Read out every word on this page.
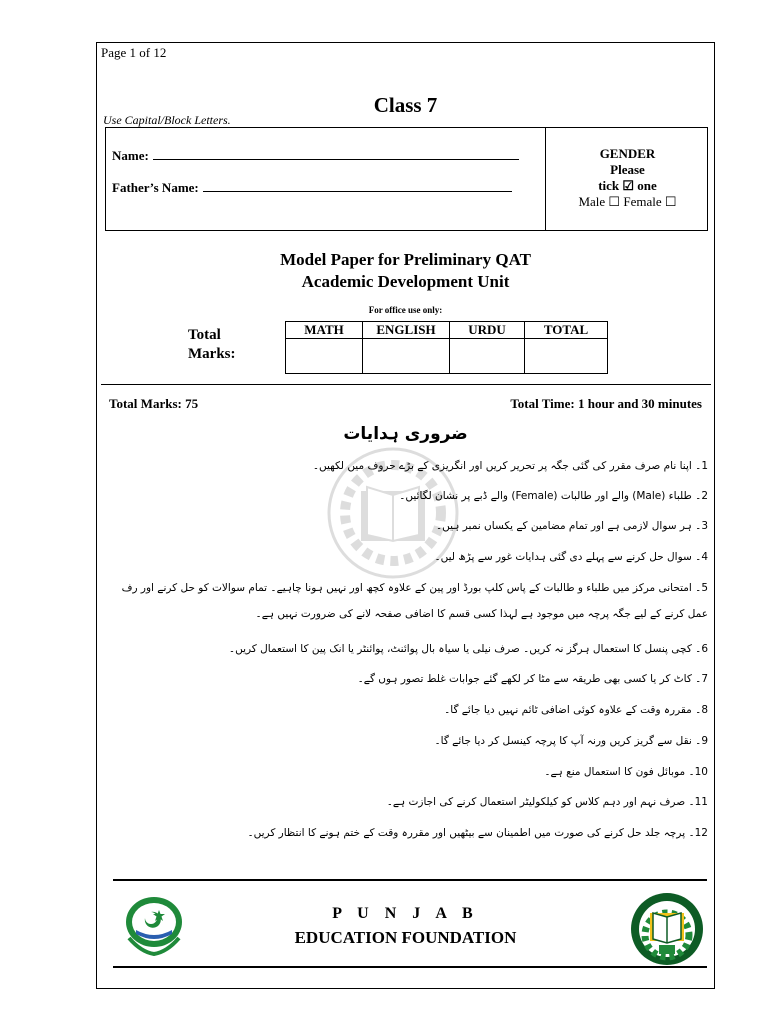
Page 1 of 12
Class 7
Use Capital/Block Letters.
Name:
Father’s Name:
GENDER
Please
tick ☑ one
Male ☐ Female ☐
Model Paper for Preliminary QAT
Academic Development Unit
For office use only:
Total
Marks:
MATH	ENGLISH	URDU	TOTAL

Total Marks: 75	Total Time: 1 hour and 30 minutes
ضروری ہدایات
1۔ اپنا نام صرف مقرر کی گئی جگہ پر تحریر کریں اور انگریزی کے بڑے حروف میں لکھیں۔
2۔ طلباء (Male) والے اور طالبات (Female) والے ڈبے پر نشان لگائیں۔
3۔ ہر سوال لازمی ہے اور تمام مضامین کے یکساں نمبر ہیں۔
4۔ سوال حل کرنے سے پہلے دی گئی ہدایات غور سے پڑھ لیں۔
5۔ امتحانی مرکز میں طلباء و طالبات کے پاس کلپ بورڈ اور پین کے علاوہ کچھ اور نہیں ہونا چاہیے۔ تمام سوالات کو حل کرنے اور رف عمل کرنے کے لیے جگہ پرچہ میں موجود ہے لہذا کسی قسم کا اضافی صفحہ لانے کی ضرورت نہیں ہے۔
6۔ کچی پنسل کا استعمال ہرگز نہ کریں۔ صرف نیلی یا سیاہ بال پوائنٹ، پوائنٹر یا انک پین کا استعمال کریں۔
7۔ کاٹ کر یا کسی بھی طریقہ سے مٹا کر لکھے گئے جوابات غلط تصور ہوں گے۔
8۔ مقررہ وقت کے علاوہ کوئی اضافی ٹائم نہیں دیا جائے گا۔
9۔ نقل سے گریز کریں ورنہ آپ کا پرچہ کینسل کر دیا جائے گا۔
10۔ موبائل فون کا استعمال منع ہے۔
11۔ صرف نہم اور دہم کلاس کو کیلکولیٹر استعمال کرنے کی اجازت ہے۔
12۔ پرچہ جلد حل کرنے کی صورت میں اطمینان سے بیٹھیں اور مقررہ وقت کے ختم ہونے کا انتظار کریں۔
P U N J A B
EDUCATION FOUNDATION
